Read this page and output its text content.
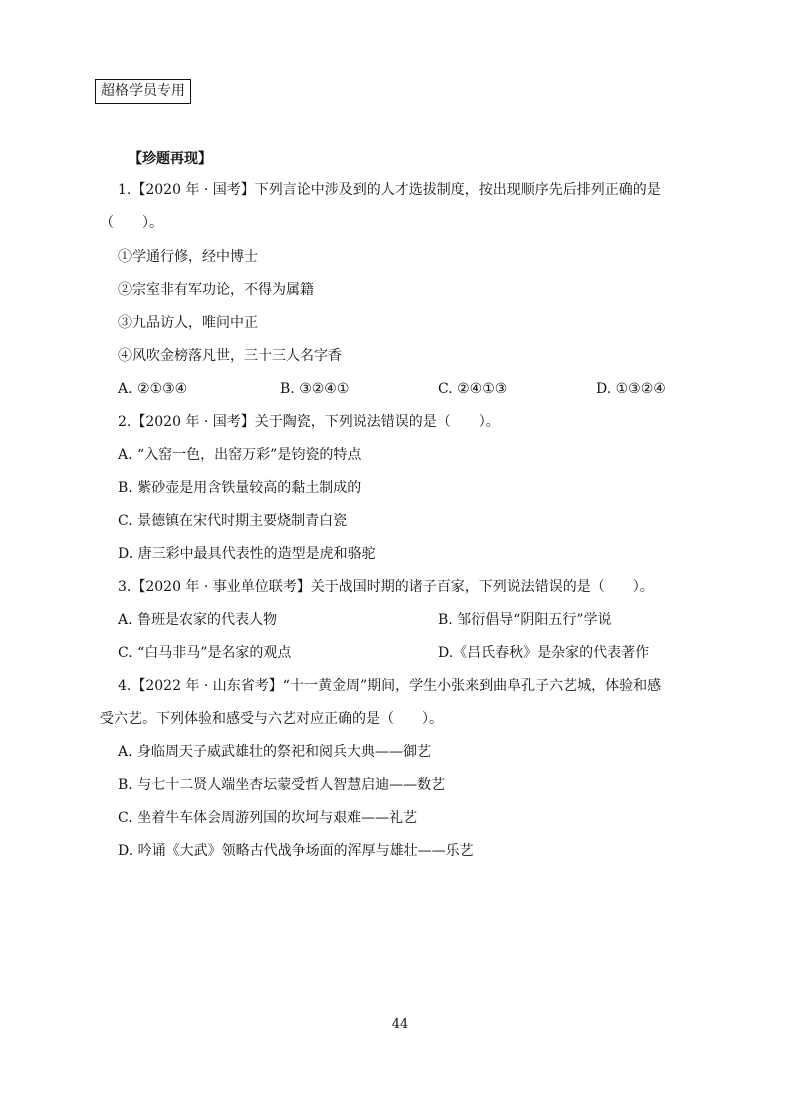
超格学员专用
【珍题再现】
1.【2020 年 · 国考】下列言论中涉及到的人才选拔制度，按出现顺序先后排列正确的是
（　　）。
①学通行修，经中博士
②宗室非有军功论，不得为属籍
③九品访人，唯问中正
④风吹金榜落凡世，三十三人名字香
A. ②①③④	B. ③②④①	C. ②④①③	D. ①③②④
2.【2020 年 · 国考】关于陶瓷，下列说法错误的是（　　）。
A. “入窑一色，出窑万彩”是钧瓷的特点
B. 紫砂壶是用含铁量较高的黏土制成的
C. 景德镇在宋代时期主要烧制青白瓷
D. 唐三彩中最具代表性的造型是虎和骆驼
3.【2020 年 · 事业单位联考】关于战国时期的诸子百家，下列说法错误的是（　　）。
A. 鲁班是农家的代表人物	B. 邹衍倡导“阴阳五行”学说
C. “白马非马”是名家的观点	D.《吕氏春秋》是杂家的代表著作
4.【2022 年 · 山东省考】“十一黄金周”期间，学生小张来到曲阜孔子六艺城，体验和感
受六艺。下列体验和感受与六艺对应正确的是（　　）。
A. 身临周天子威武雄壮的祭祀和阅兵大典——御艺
B. 与七十二贤人端坐杏坛蒙受哲人智慧启迪——数艺
C. 坐着牛车体会周游列国的坎坷与艰难——礼艺
D. 吟诵《大武》领略古代战争场面的浑厚与雄壮——乐艺
44
